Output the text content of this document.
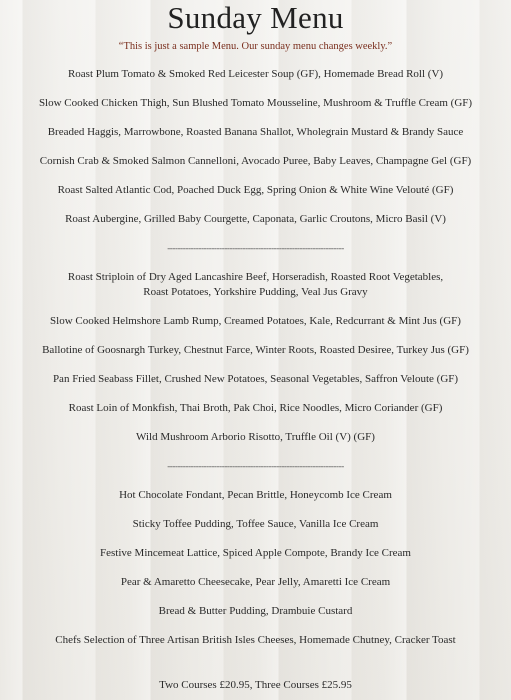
Sunday Menu
“This is just a sample Menu. Our sunday menu changes weekly.”
Roast Plum Tomato & Smoked Red Leicester Soup (GF), Homemade Bread Roll (V)
Slow Cooked Chicken Thigh, Sun Blushed Tomato Mousseline, Mushroom & Truffle Cream (GF)
Breaded Haggis, Marrowbone, Roasted Banana Shallot, Wholegrain Mustard & Brandy Sauce
Cornish Crab & Smoked Salmon Cannelloni, Avocado Puree, Baby Leaves, Champagne Gel (GF)
Roast Salted Atlantic Cod, Poached Duck Egg, Spring Onion & White Wine Velouté (GF)
Roast Aubergine, Grilled Baby Courgette, Caponata, Garlic Croutons, Micro Basil (V)
--------------------------------------------------------------------
Roast Striploin of Dry Aged Lancashire Beef, Horseradish, Roasted Root Vegetables,
Roast Potatoes, Yorkshire Pudding, Veal Jus Gravy
Slow Cooked Helmshore Lamb Rump, Creamed Potatoes, Kale, Redcurrant & Mint Jus (GF)
Ballotine of Goosnargh Turkey, Chestnut Farce, Winter Roots, Roasted Desiree, Turkey Jus (GF)
Pan Fried Seabass Fillet, Crushed New Potatoes, Seasonal Vegetables, Saffron Veloute (GF)
Roast Loin of Monkfish, Thai Broth, Pak Choi, Rice Noodles, Micro Coriander (GF)
Wild Mushroom Arborio Risotto, Truffle Oil (V) (GF)
--------------------------------------------------------------------
Hot Chocolate Fondant, Pecan Brittle, Honeycomb Ice Cream
Sticky Toffee Pudding, Toffee Sauce, Vanilla Ice Cream
Festive Mincemeat Lattice, Spiced Apple Compote, Brandy Ice Cream
Pear & Amaretto Cheesecake, Pear Jelly, Amaretti Ice Cream
Bread & Butter Pudding, Drambuie Custard
Chefs Selection of Three Artisan British Isles Cheeses, Homemade Chutney, Cracker Toast
Two Courses £20.95, Three Courses £25.95
